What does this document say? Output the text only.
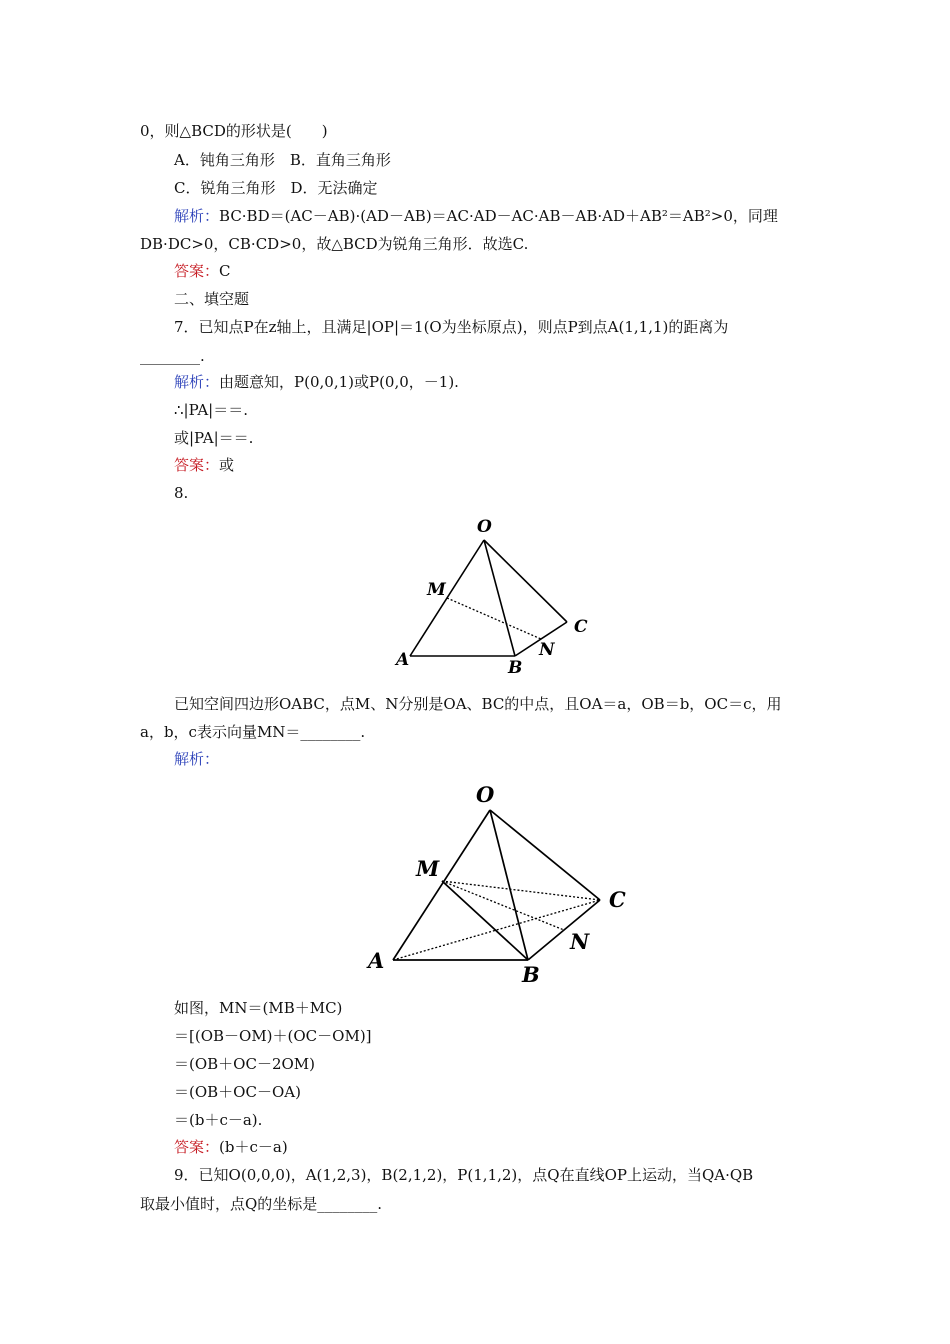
0，则△BCD的形状是(　　)
A．钝角三角形　B．直角三角形
C．锐角三角形　D．无法确定
解析：BC·BD＝(AC－AB)·(AD－AB)＝AC·AD－AC·AB－AB·AD＋AB²＝AB²>0，同理
DB·DC>0，CB·CD>0，故△BCD为锐角三角形．故选C.
答案：C
二、填空题
7．已知点P在z轴上，且满足|OP|＝1(O为坐标原点)，则点P到点A(1,1,1)的距离为
________.
解析：由题意知，P(0,0,1)或P(0,0，－1).
∴|PA|＝＝.
或|PA|＝＝.
答案：或
8.
O
M
C
N
A	B
已知空间四边形OABC，点M、N分别是OA、BC的中点，且OA＝a，OB＝b，OC＝c，用
a，b，c表示向量MN＝________.
解析：
O
M
C
N
A
B
如图，MN＝(MB＋MC)
＝[(OB－OM)＋(OC－OM)]
＝(OB＋OC－2OM)
＝(OB＋OC－OA)
＝(b＋c－a).
答案：(b＋c－a)
9．已知O(0,0,0)，A(1,2,3)，B(2,1,2)，P(1,1,2)，点Q在直线OP上运动，当QA·QB
取最小值时，点Q的坐标是________.
